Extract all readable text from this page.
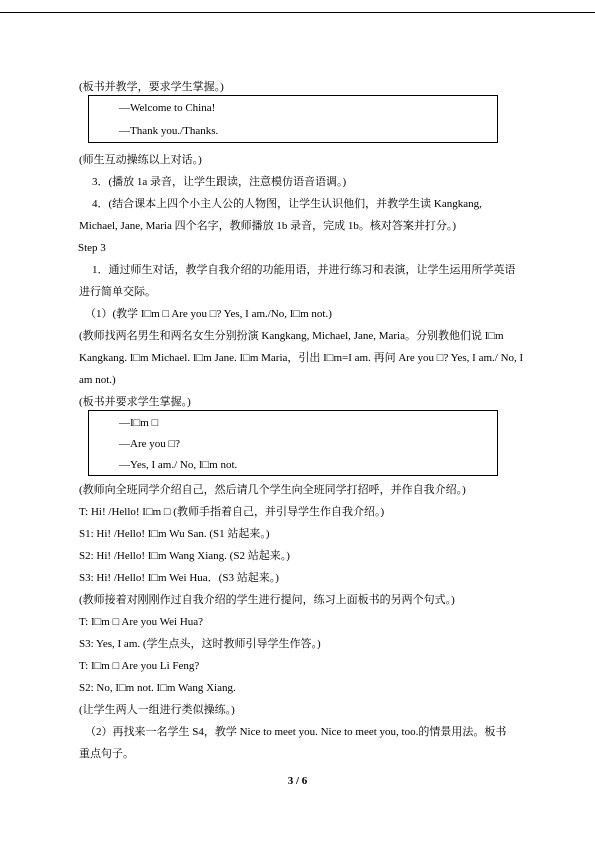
(板书并教学，要求学生掌握。)
—Welcome to China!
—Thank you./Thanks.
(师生互动操练以上对话。)
3．(播放 1a 录音，让学生跟读，注意模仿语音语调。)
4．(结合课本上四个小主人公的人物图，让学生认识他们，并教学生读 Kangkang,
Michael, Jane, Maria 四个名字，教师播放 1b 录音，完成 1b。核对答案并打分。)
Step 3
1．通过师生对话，教学自我介绍的功能用语，并进行练习和表演，让学生运用所学英语
进行简单交际。
（1）(教学 I□m □ Are you □? Yes, I am./No, I□m not.)
(教师找两名男生和两名女生分别扮演 Kangkang, Michael, Jane, Maria。分别教他们说 I□m
Kangkang. I□m Michael. I□m Jane. I□m Maria，引出 I□m=I am. 再问 Are you □? Yes, I am./ No, I
am not.)
(板书并要求学生掌握。)
—I□m □
—Are you □?
—Yes, I am./ No, I□m not.
(教师向全班同学介绍自己，然后请几个学生向全班同学打招呼，并作自我介绍。)
T: Hi! /Hello! I□m □ (教师手指着自己，并引导学生作自我介绍。)
S1: Hi! /Hello! I□m Wu San. (S1 站起来。)
S2: Hi! /Hello! I□m Wang Xiang. (S2 站起来。)
S3: Hi! /Hello! I□m Wei Hua．(S3 站起来。)
(教师接着对刚刚作过自我介绍的学生进行提问，练习上面板书的另两个句式。)
T: I□m □ Are you Wei Hua?
S3: Yes, I am. (学生点头，这时教师引导学生作答。)
T: I□m □ Are you Li Feng?
S2: No, I□m not. I□m Wang Xiang.
(让学生两人一组进行类似操练。)
（2）再找来一名学生 S4，教学 Nice to meet you. Nice to meet you, too.的情景用法。板书
重点句子。
3 / 6
